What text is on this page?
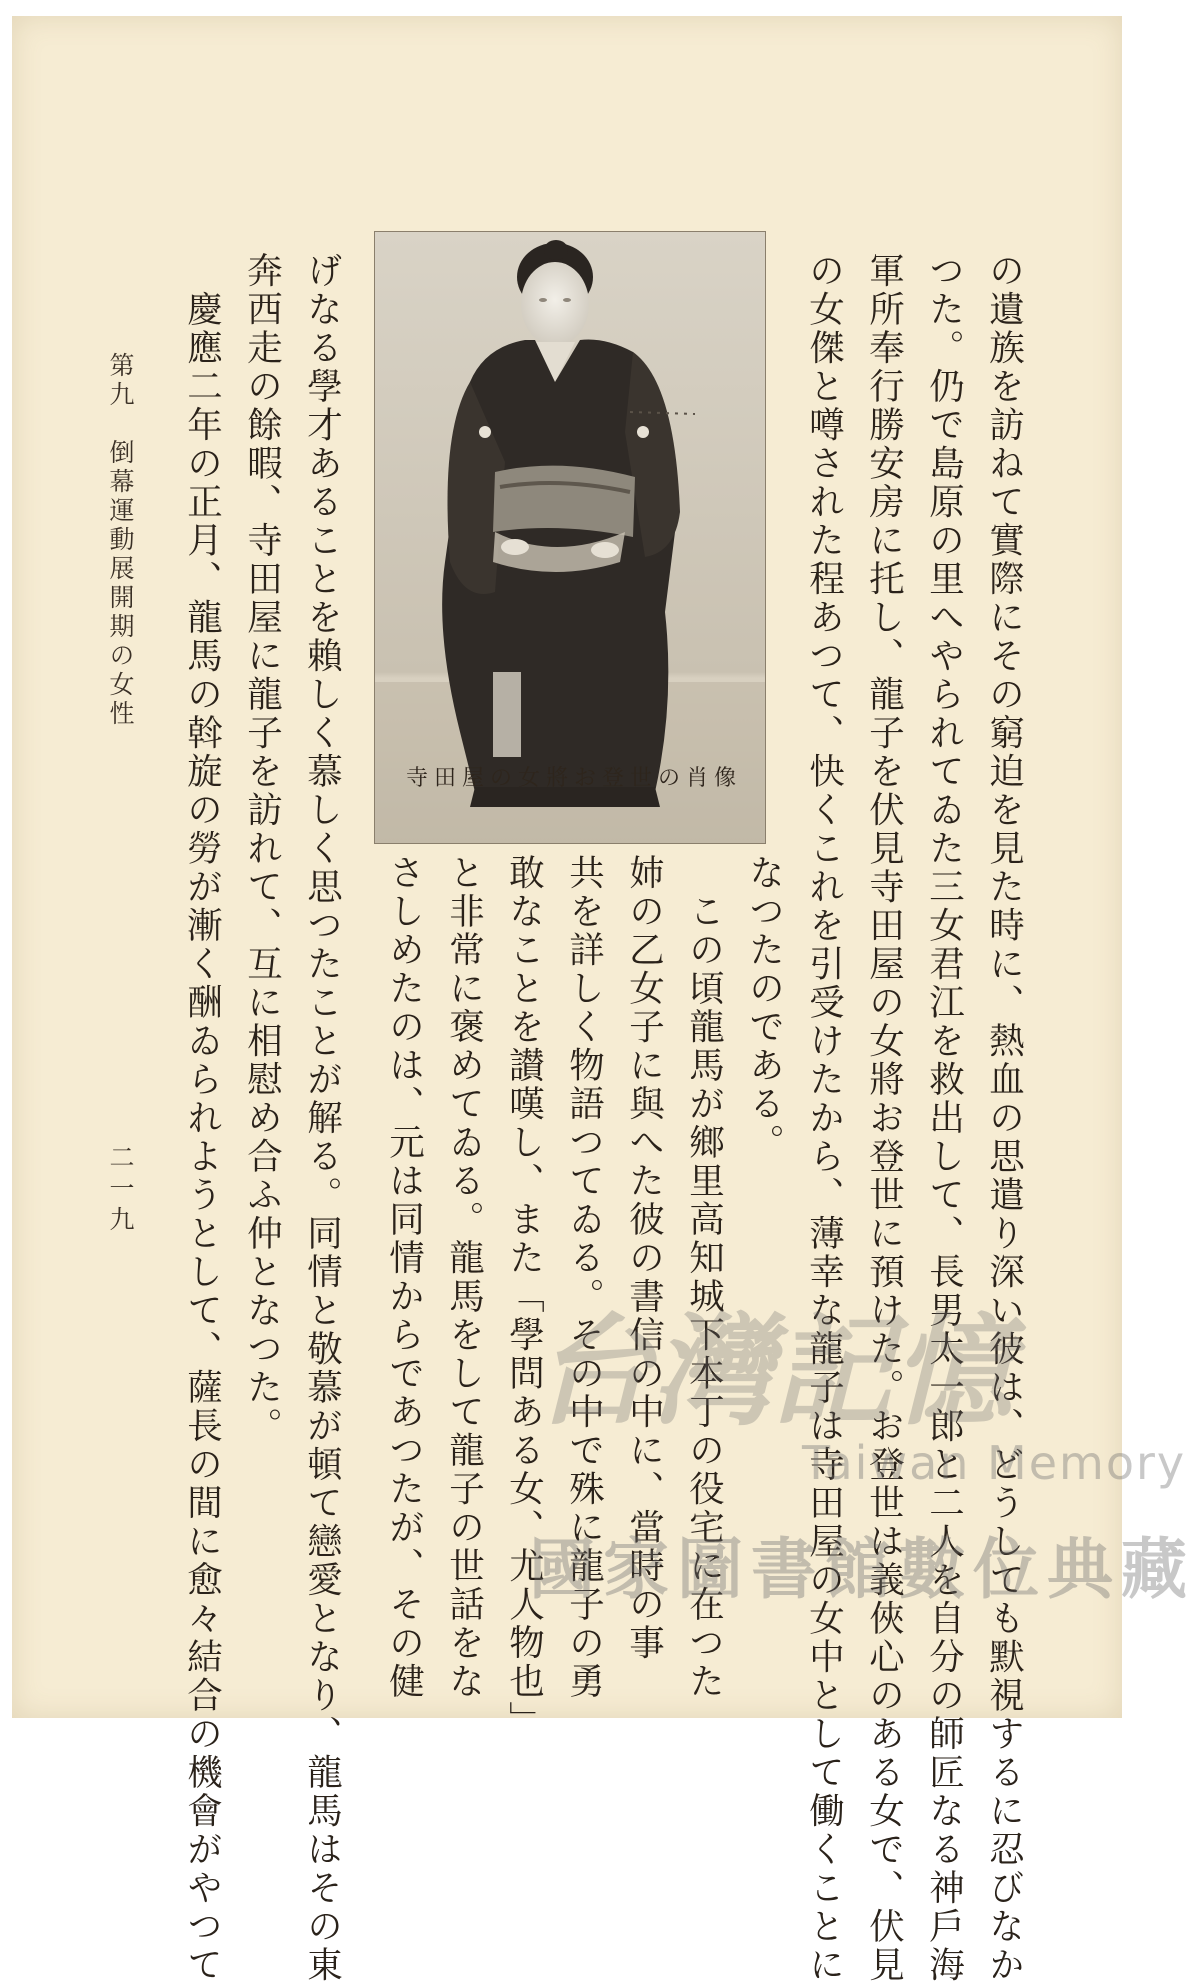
の遺族を訪ねて實際にその窮迫を見た時に、熱血の思遣り深い彼は、どうしても默視するに忍びなか
つた。仍で島原の里へやられてゐた三女君江を救出して、長男太一郎と二人を自分の師匠なる神戶海
軍所奉行勝安房に托し、龍子を伏見寺田屋の女將お登世に預けた。お登世は義俠心のある女で、伏見
の女傑と噂された程あつて、快くこれを引受けたから、薄幸な龍子は寺田屋の女中として働くことに
寺田屋の女將お登世の肖像
なつたのである。
　この頃龍馬が鄉里高知城下本丁の役宅に在つた
姉の乙女子に與へた彼の書信の中に、當時の事
共を詳しく物語つてゐる。その中で殊に龍子の勇
敢なことを讃嘆し、また「學問ある女、尤人物也」
と非常に褒めてゐる。龍馬をして龍子の世話をな
さしめたのは、元は同情からであつたが、その健
げなる學才あることを賴しく慕しく思つたことが解る。同情と敬慕が頓て戀愛となり、龍馬はその東
奔西走の餘暇、寺田屋に龍子を訪れて、互に相慰め合ふ仲となつた。
　慶應二年の正月、龍馬の斡旋の勞が漸く酬ゐられようとして、薩長の間に愈々結合の機會がやつて
第九　倒幕運動展開期の女性
二一九
台灣記憶
Taiwan Memory
國家圖書館數位典藏
